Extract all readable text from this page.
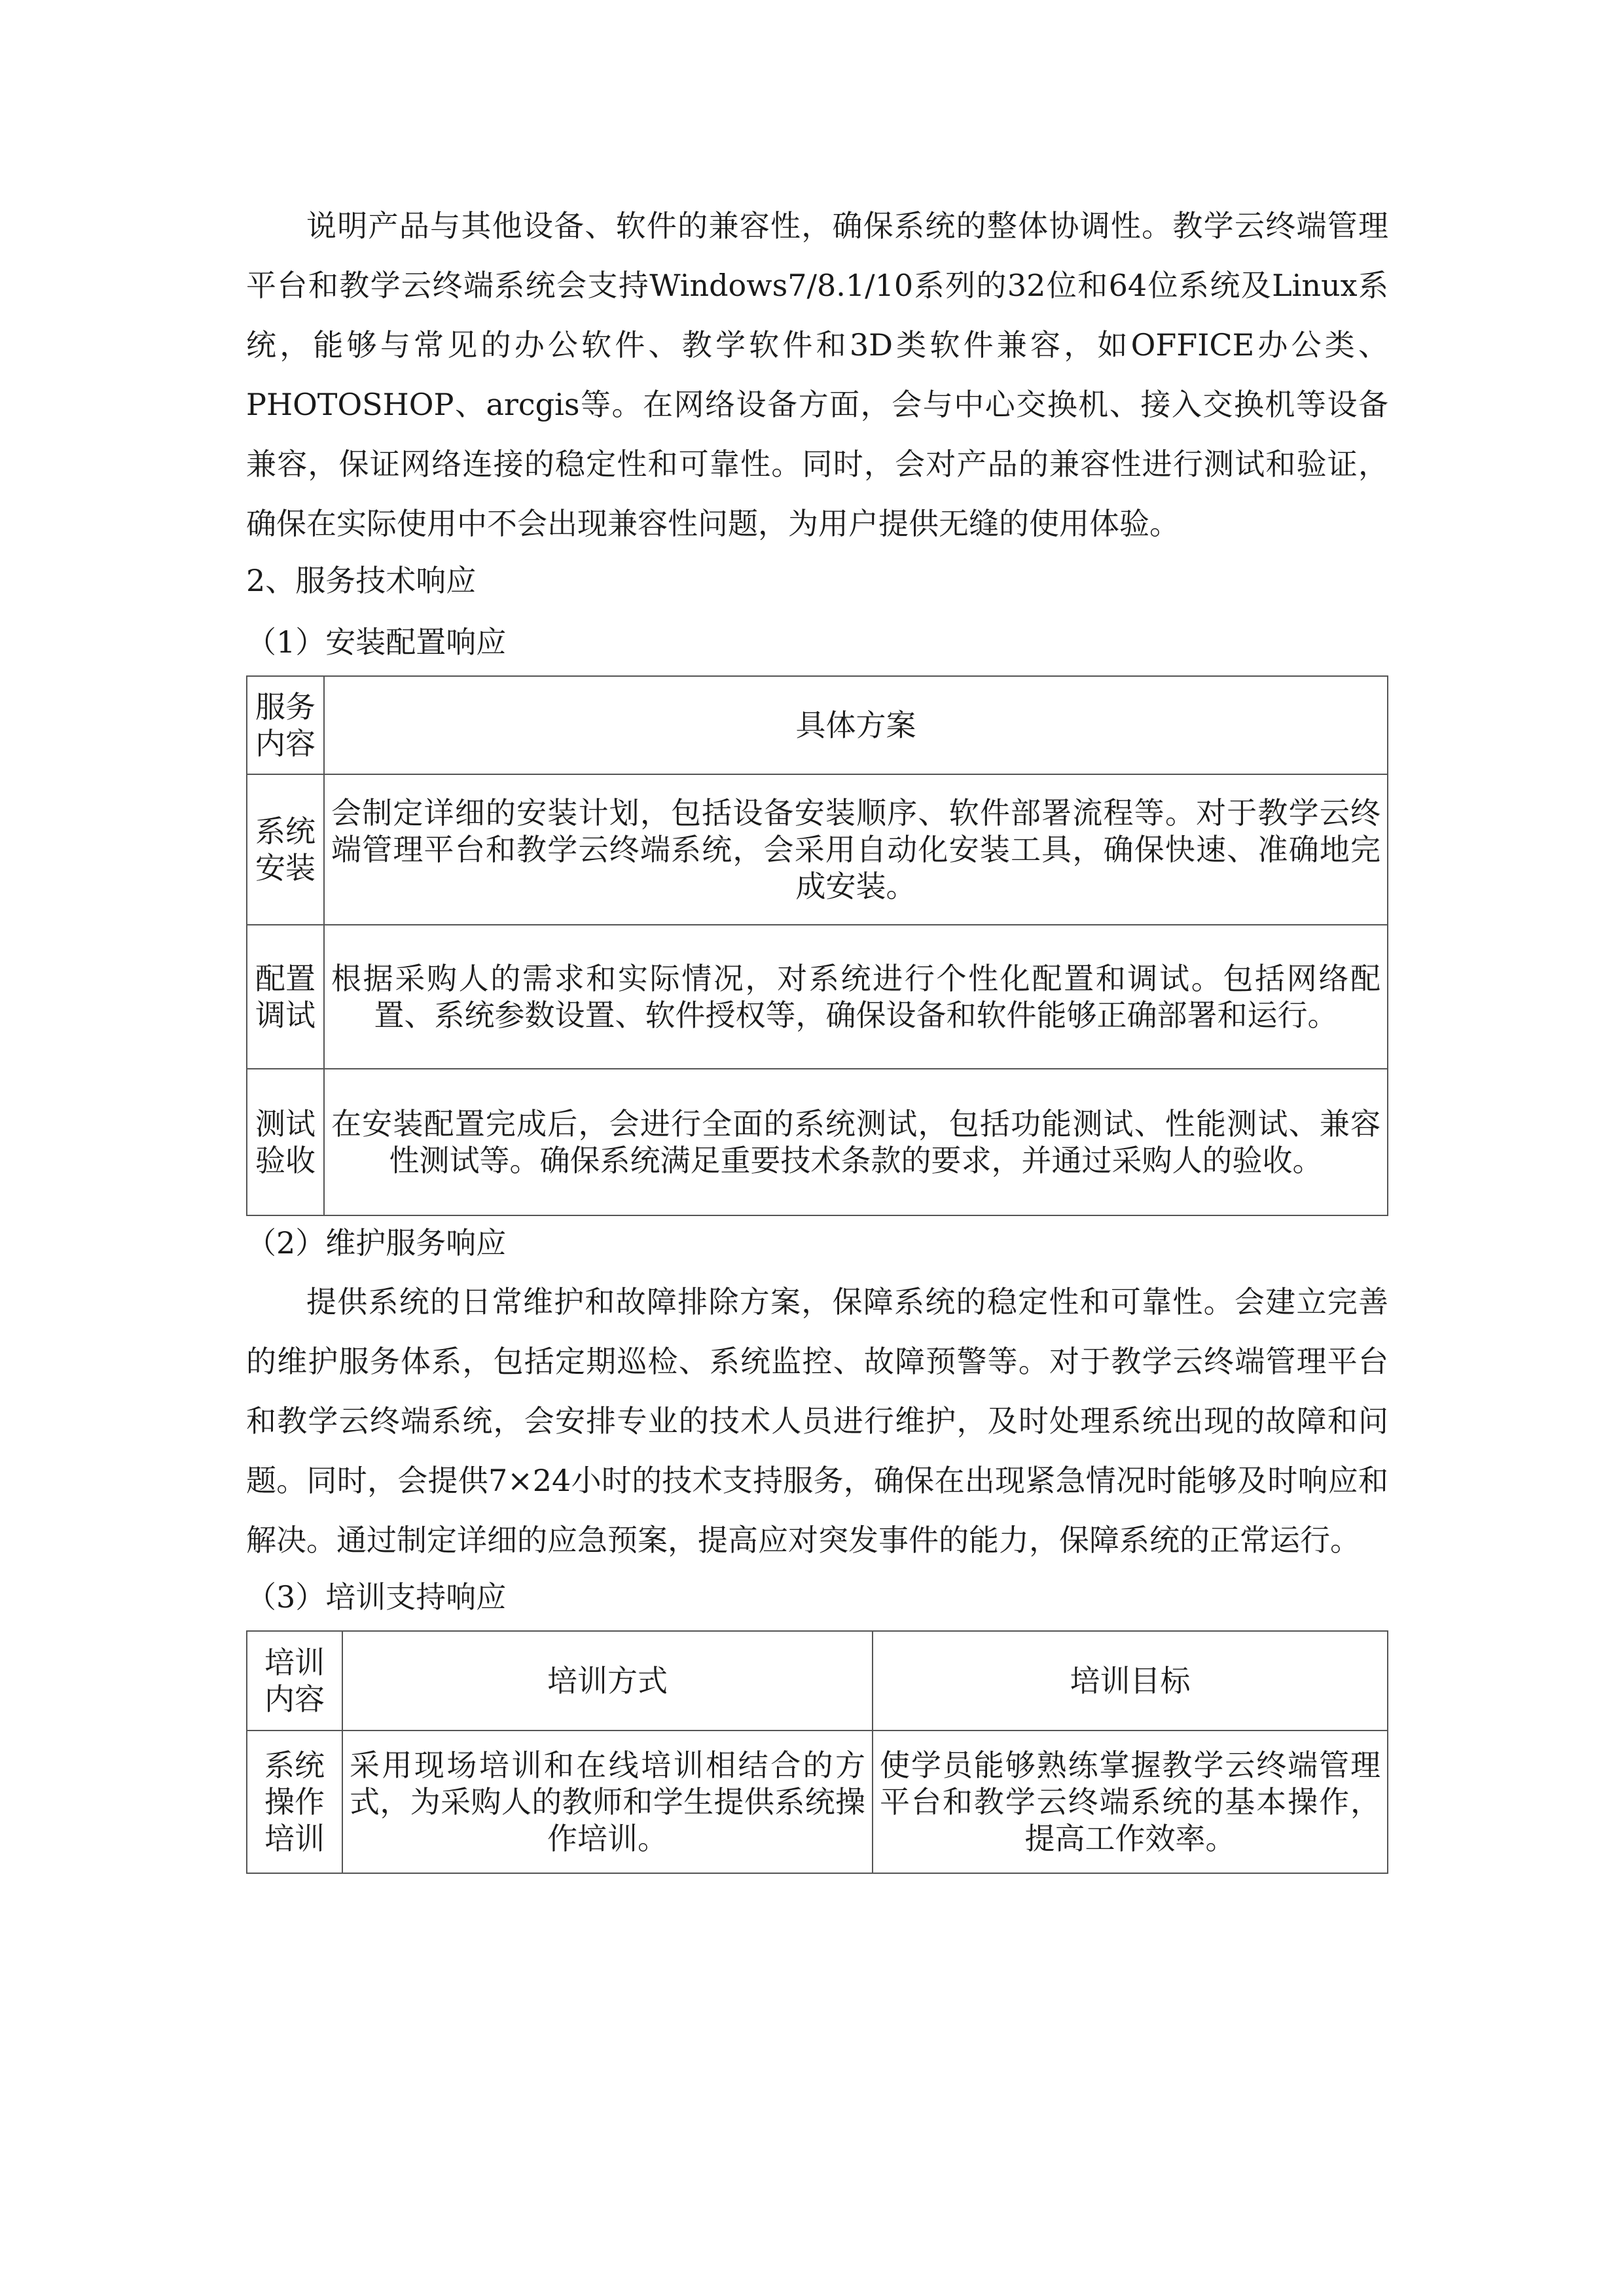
说明产品与其他设备、软件的兼容性，确保系统的整体协调性。教学云终端管理平台和教学云终端系统会支持Windows7/8.1/10系列的32位和64位系统及Linux系统，能够与常见的办公软件、教学软件和3D类软件兼容，如OFFICE办公类、PHOTOSHOP、arcgis等。在网络设备方面，会与中心交换机、接入交换机等设备兼容，保证网络连接的稳定性和可靠性。同时，会对产品的兼容性进行测试和验证，确保在实际使用中不会出现兼容性问题，为用户提供无缝的使用体验。

2、服务技术响应

（1）安装配置响应

服务内容	具体方案
系统安装	会制定详细的安装计划，包括设备安装顺序、软件部署流程等。对于教学云终端管理平台和教学云终端系统，会采用自动化安装工具，确保快速、准确地完成安装。
配置调试	根据采购人的需求和实际情况，对系统进行个性化配置和调试。包括网络配置、系统参数设置、软件授权等，确保设备和软件能够正确部署和运行。
测试验收	在安装配置完成后，会进行全面的系统测试，包括功能测试、性能测试、兼容性测试等。确保系统满足重要技术条款的要求，并通过采购人的验收。

（2）维护服务响应

提供系统的日常维护和故障排除方案，保障系统的稳定性和可靠性。会建立完善的维护服务体系，包括定期巡检、系统监控、故障预警等。对于教学云终端管理平台和教学云终端系统，会安排专业的技术人员进行维护，及时处理系统出现的故障和问题。同时，会提供7×24小时的技术支持服务，确保在出现紧急情况时能够及时响应和解决。通过制定详细的应急预案，提高应对突发事件的能力，保障系统的正常运行。

（3）培训支持响应

培训内容	培训方式	培训目标
系统操作培训	采用现场培训和在线培训相结合的方式，为采购人的教师和学生提供系统操作培训。	使学员能够熟练掌握教学云终端管理平台和教学云终端系统的基本操作，提高工作效率。
